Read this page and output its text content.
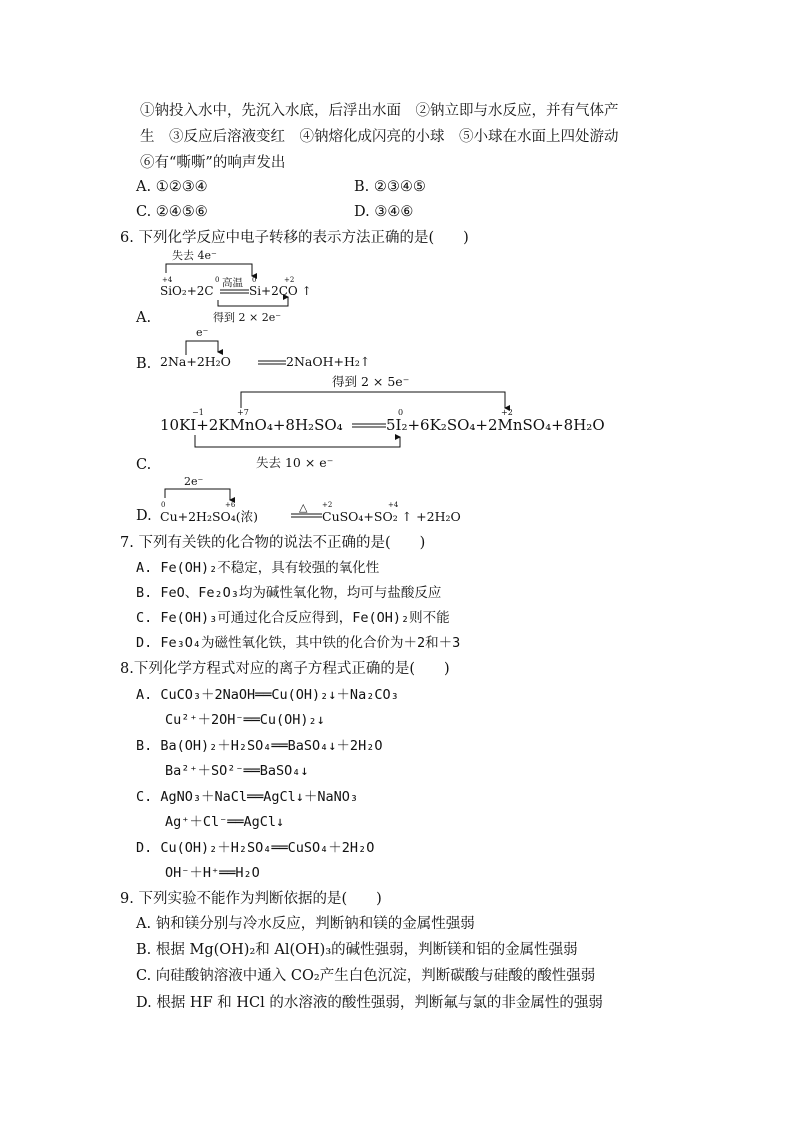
①钠投入水中，先沉入水底，后浮出水面　②钠立即与水反应，并有气体产
生　③反应后溶液变红　④钠熔化成闪亮的小球　⑤小球在水面上四处游动
⑥有“嘶嘶”的响声发出
A. ①②③④	B. ②③④⑤
C. ②④⑤⑥	D. ③④⑥
6. 下列化学反应中电子转移的表示方法正确的是(　　)
A.
B.
C.
D.
失去 4e⁻
+4	0	0	+2
SiO₂+2C
高温
Si+2CO ↑
得到 2 × 2e⁻
e⁻
2Na+2H₂O	2NaOH+H₂↑
得到 2 × 5e⁻
−1	+7	0	+2
10KI+2KMnO₄+8H₂SO₄	5I₂+6K₂SO₄+2MnSO₄+8H₂O
失去 10 × e⁻
2e⁻
0	+6	+2	+4
Cu+2H₂SO₄(浓)
△
CuSO₄+SO₂ ↑ +2H₂O
7. 下列有关铁的化合物的说法不正确的是(　　)
A. Fe(OH)₂不稳定，具有较强的氧化性
B. FeO、Fe₂O₃均为碱性氧化物，均可与盐酸反应
C. Fe(OH)₃可通过化合反应得到，Fe(OH)₂则不能
D. Fe₃O₄为磁性氧化铁，其中铁的化合价为＋2和＋3
8.下列化学方程式对应的离子方程式正确的是(　　)
A. CuCO₃＋2NaOH══Cu(OH)₂↓＋Na₂CO₃
Cu²⁺＋2OH⁻══Cu(OH)₂↓
B. Ba(OH)₂＋H₂SO₄══BaSO₄↓＋2H₂O
Ba²⁺＋SO²⁻══BaSO₄↓
C. AgNO₃＋NaCl══AgCl↓＋NaNO₃
Ag⁺＋Cl⁻══AgCl↓
D. Cu(OH)₂＋H₂SO₄══CuSO₄＋2H₂O
OH⁻＋H⁺══H₂O
9. 下列实验不能作为判断依据的是(　　)
A. 钠和镁分别与冷水反应，判断钠和镁的金属性强弱
B. 根据 Mg(OH)₂和 Al(OH)₃的碱性强弱，判断镁和铝的金属性强弱
C. 向硅酸钠溶液中通入 CO₂产生白色沉淀，判断碳酸与硅酸的酸性强弱
D. 根据 HF 和 HCl 的水溶液的酸性强弱，判断氟与氯的非金属性的强弱
